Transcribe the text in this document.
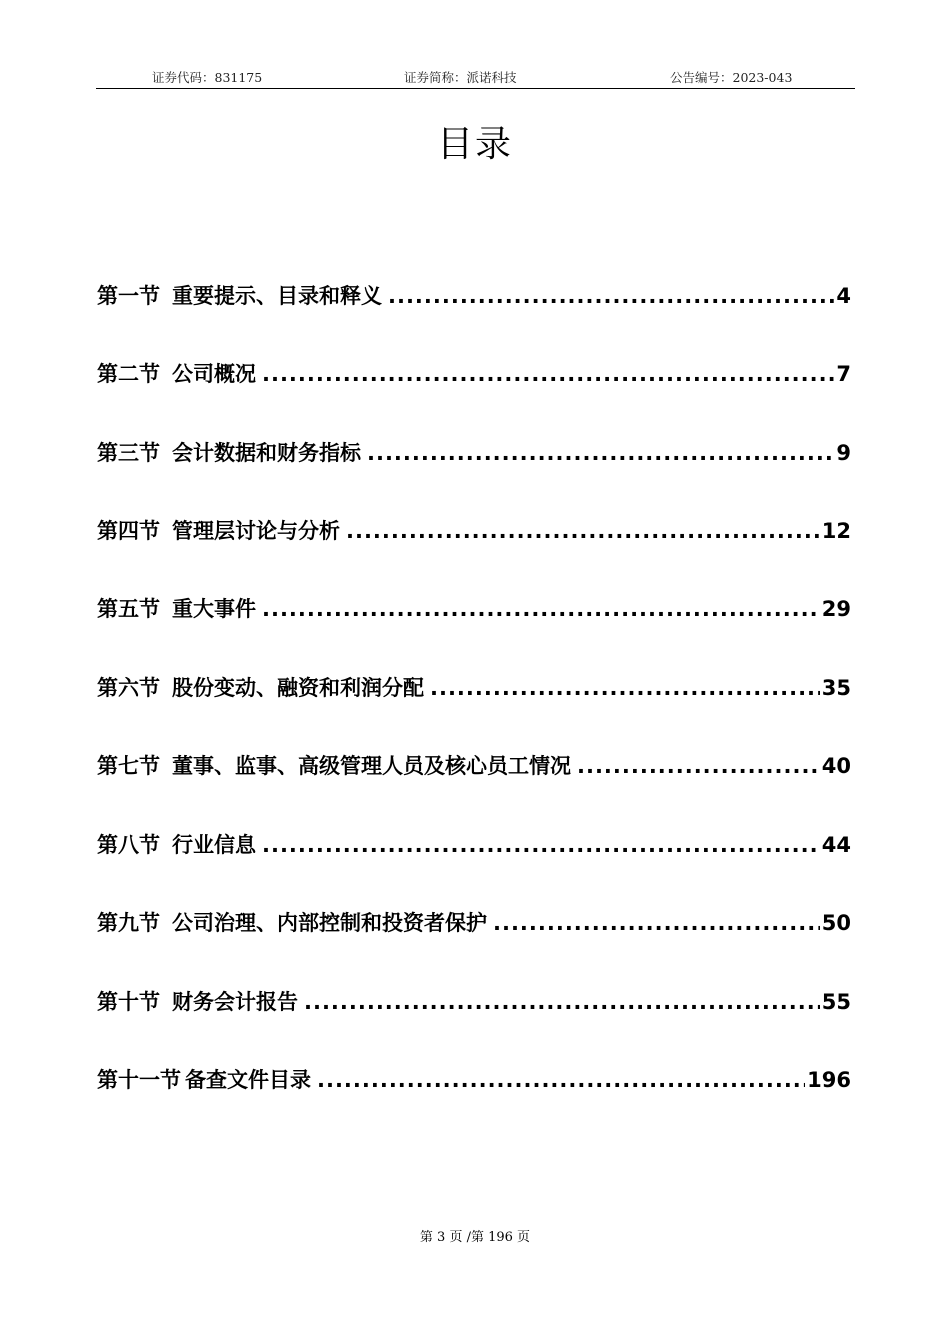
证券代码：831175	证券简称：派诺科技	公告编号：2023-043
目录
第一节 重要提示、目录和释义 .....	4
第二节 公司概况 .....	7
第三节 会计数据和财务指标 .....	9
第四节 管理层讨论与分析 .....	12
第五节 重大事件 .....	29
第六节 股份变动、融资和利润分配 .....	35
第七节 董事、监事、高级管理人员及核心员工情况 .....	40
第八节 行业信息 .....	44
第九节 公司治理、内部控制和投资者保护 .....	50
第十节 财务会计报告 .....	55
第十一节 备查文件目录 .....	196
第 3 页 /第 196 页
